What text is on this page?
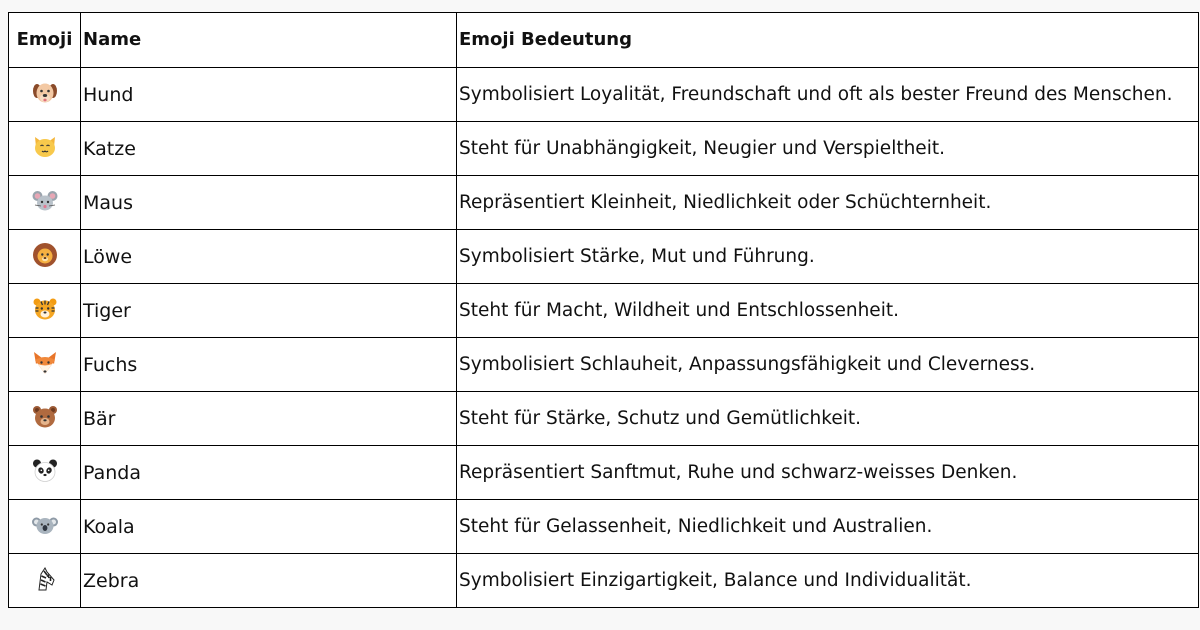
Emoji	Name	Emoji Bedeutung

	Hund	Symbolisiert Loyalität, Freundschaft und oft als bester Freund des Menschen.

	Katze	Steht für Unabhängigkeit, Neugier und Verspieltheit.

	Maus	Repräsentiert Kleinheit, Niedlichkeit oder Schüchternheit.

	Löwe	Symbolisiert Stärke, Mut und Führung.

	Tiger	Steht für Macht, Wildheit und Entschlossenheit.

	Fuchs	Symbolisiert Schlauheit, Anpassungsfähigkeit und Cleverness.

	Bär	Steht für Stärke, Schutz und Gemütlichkeit.

	Panda	Repräsentiert Sanftmut, Ruhe und schwarz-weisses Denken.

	Koala	Steht für Gelassenheit, Niedlichkeit und Australien.

	Zebra	Symbolisiert Einzigartigkeit, Balance und Individualität.
